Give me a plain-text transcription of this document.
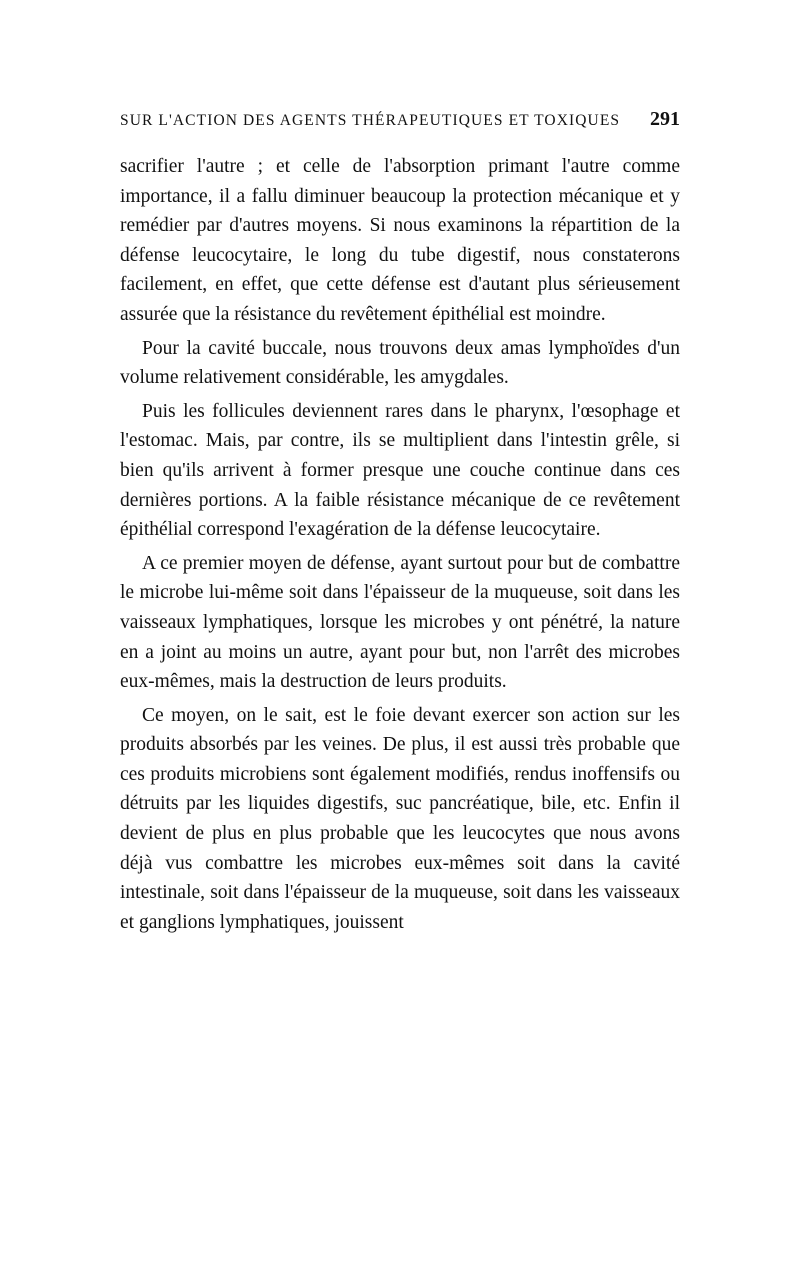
SUR L'ACTION DES AGENTS THÉRAPEUTIQUES ET TOXIQUES 291

sacrifier l'autre ; et celle de l'absorption primant l'autre comme importance, il a fallu diminuer beaucoup la protection mécanique et y remédier par d'autres moyens. Si nous examinons la répartition de la défense leucocytaire, le long du tube digestif, nous constaterons facilement, en effet, que cette défense est d'autant plus sérieusement assurée que la résistance du revêtement épithélial est moindre.

Pour la cavité buccale, nous trouvons deux amas lymphoïdes d'un volume relativement considérable, les amygdales.

Puis les follicules deviennent rares dans le pharynx, l'œsophage et l'estomac. Mais, par contre, ils se multiplient dans l'intestin grêle, si bien qu'ils arrivent à former presque une couche continue dans ces dernières portions. A la faible résistance mécanique de ce revêtement épithélial correspond l'exagération de la défense leucocytaire.

A ce premier moyen de défense, ayant surtout pour but de combattre le microbe lui-même soit dans l'épaisseur de la muqueuse, soit dans les vaisseaux lymphatiques, lorsque les microbes y ont pénétré, la nature en a joint au moins un autre, ayant pour but, non l'arrêt des microbes eux-mêmes, mais la destruction de leurs produits.

Ce moyen, on le sait, est le foie devant exercer son action sur les produits absorbés par les veines. De plus, il est aussi très probable que ces produits microbiens sont également modifiés, rendus inoffensifs ou détruits par les liquides digestifs, suc pancréatique, bile, etc. Enfin il devient de plus en plus probable que les leucocytes que nous avons déjà vus combattre les microbes eux-mêmes soit dans la cavité intestinale, soit dans l'épaisseur de la muqueuse, soit dans les vaisseaux et ganglions lymphatiques, jouissent
